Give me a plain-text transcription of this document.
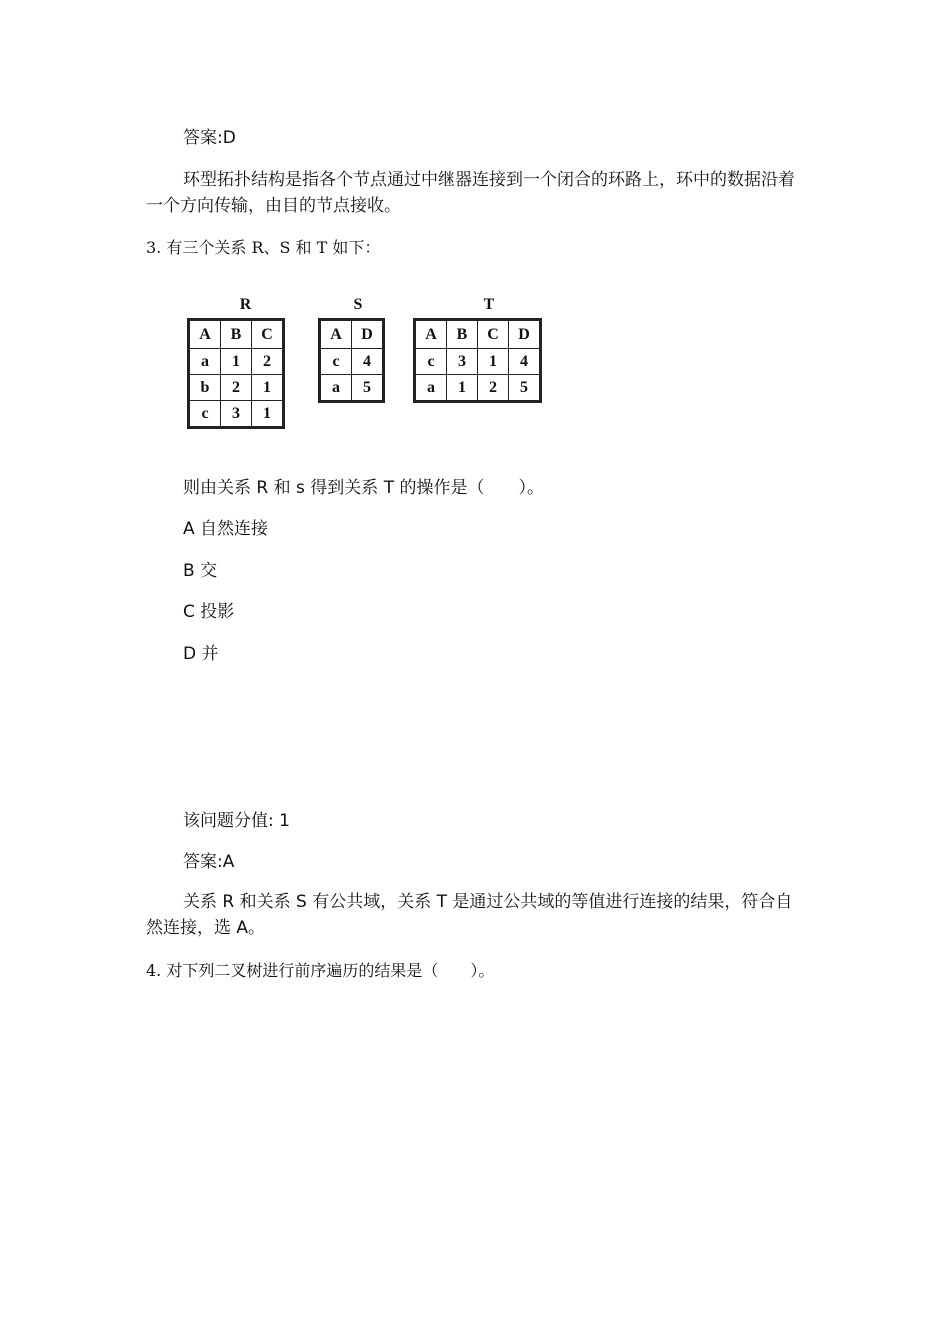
答案:D
环型拓扑结构是指各个节点通过中继器连接到一个闭合的环路上，环中的数据沿着一个方向传输，由目的节点接收。
3. 有三个关系 R、S 和 T 如下：
R
A	B	C
a	1	2
b	2	1
c	3	1
S
A	D
c	4
a	5
T
A	B	C	D
c	3	1	4
a	1	2	5
则由关系 R 和 s 得到关系 T 的操作是（　　）。
A 自然连接
B 交
C 投影
D 并
该问题分值: 1
答案:A
关系 R 和关系 S 有公共域，关系 T 是通过公共域的等值进行连接的结果，符合自然连接，选 A。
4. 对下列二叉树进行前序遍历的结果是（　　）。
